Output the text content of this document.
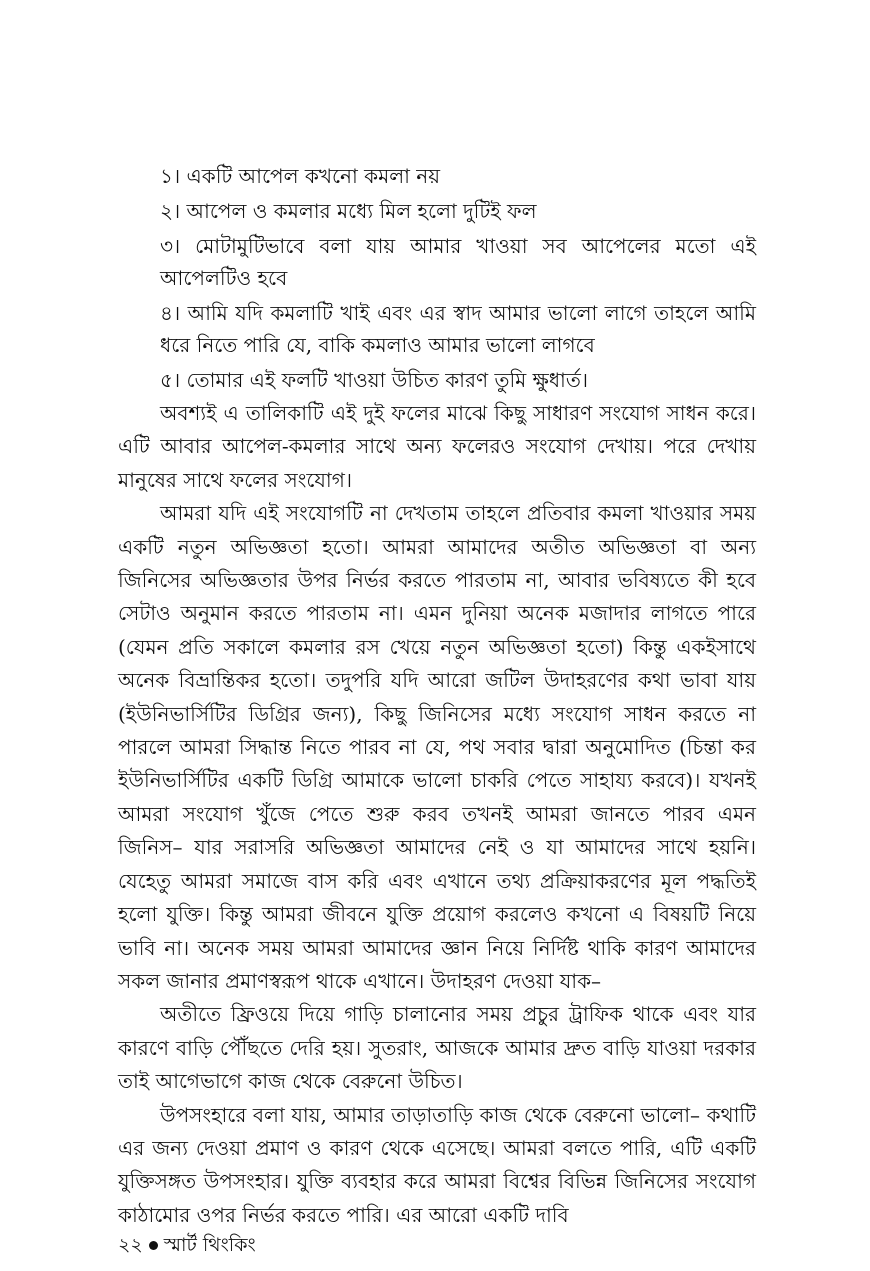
১। একটি আপেল কখনো কমলা নয়

২। আপেল ও কমলার মধ্যে মিল হলো দুটিই ফল

৩। মোটামুটিভাবে বলা যায় আমার খাওয়া সব আপেলের মতো এই আপেলটিও হবে

৪। আমি যদি কমলাটি খাই এবং এর স্বাদ আমার ভালো লাগে তাহলে আমি ধরে নিতে পারি যে, বাকি কমলাও আমার ভালো লাগবে

৫। তোমার এই ফলটি খাওয়া উচিত কারণ তুমি ক্ষুধার্ত।

অবশ্যই এ তালিকাটি এই দুই ফলের মাঝে কিছু সাধারণ সংযোগ সাধন করে। এটি আবার আপেল-কমলার সাথে অন্য ফলেরও সংযোগ দেখায়। পরে দেখায় মানুষের সাথে ফলের সংযোগ।

আমরা যদি এই সংযোগটি না দেখতাম তাহলে প্রতিবার কমলা খাওয়ার সময় একটি নতুন অভিজ্ঞতা হতো। আমরা আমাদের অতীত অভিজ্ঞতা বা অন্য জিনিসের অভিজ্ঞতার উপর নির্ভর করতে পারতাম না, আবার ভবিষ্যতে কী হবে সেটাও অনুমান করতে পারতাম না। এমন দুনিয়া অনেক মজাদার লাগতে পারে (যেমন প্রতি সকালে কমলার রস খেয়ে নতুন অভিজ্ঞতা হতো) কিন্তু একইসাথে অনেক বিভ্রান্তিকর হতো। তদুপরি যদি আরো জটিল উদাহরণের কথা ভাবা যায় (ইউনিভার্সিটির ডিগ্রির জন্য), কিছু জিনিসের মধ্যে সংযোগ সাধন করতে না পারলে আমরা সিদ্ধান্ত নিতে পারব না যে, পথ সবার দ্বারা অনুমোদিত (চিন্তা কর ইউনিভার্সিটির একটি ডিগ্রি আমাকে ভালো চাকরি পেতে সাহায্য করবে)। যখনই আমরা সংযোগ খুঁজে পেতে শুরু করব তখনই আমরা জানতে পারব এমন জিনিস– যার সরাসরি অভিজ্ঞতা আমাদের নেই ও যা আমাদের সাথে হয়নি। যেহেতু আমরা সমাজে বাস করি এবং এখানে তথ্য প্রক্রিয়াকরণের মূল পদ্ধতিই হলো যুক্তি। কিন্তু আমরা জীবনে যুক্তি প্রয়োগ করলেও কখনো এ বিষয়টি নিয়ে ভাবি না। অনেক সময় আমরা আমাদের জ্ঞান নিয়ে নির্দিষ্ট থাকি কারণ আমাদের সকল জানার প্রমাণস্বরূপ থাকে এখানে। উদাহরণ দেওয়া যাক–

অতীতে ফ্রিওয়ে দিয়ে গাড়ি চালানোর সময় প্রচুর ট্রাফিক থাকে এবং যার কারণে বাড়ি পৌঁছতে দেরি হয়। সুতরাং, আজকে আমার দ্রুত বাড়ি যাওয়া দরকার তাই আগেভাগে কাজ থেকে বেরুনো উচিত।

উপসংহারে বলা যায়, আমার তাড়াতাড়ি কাজ থেকে বেরুনো ভালো– কথাটি এর জন্য দেওয়া প্রমাণ ও কারণ থেকে এসেছে। আমরা বলতে পারি, এটি একটি যুক্তিসঙ্গত উপসংহার। যুক্তি ব্যবহার করে আমরা বিশ্বের বিভিন্ন জিনিসের সংযোগ কাঠামোর ওপর নির্ভর করতে পারি। এর আরো একটি দাবি

২২ স্মার্ট থিংকিং
